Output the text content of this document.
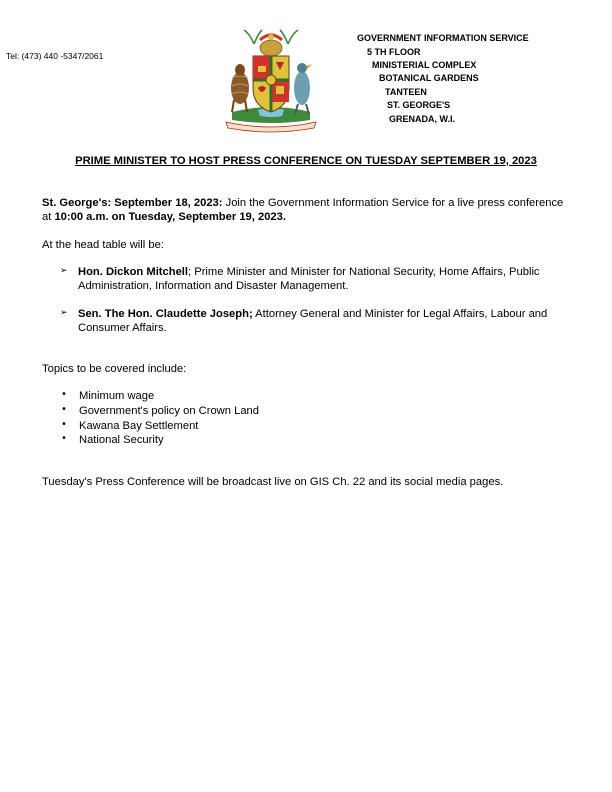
Tel: (473) 440 -5347/2061
GOVERNMENT INFORMATION SERVICE
5 TH FLOOR
MINISTERIAL COMPLEX
BOTANICAL GARDENS
TANTEEN
ST. GEORGE'S
GRENADA, W.I.
PRIME MINISTER TO HOST PRESS CONFERENCE ON TUESDAY SEPTEMBER 19, 2023
St. George's: September 18, 2023: Join the Government Information Service for a live press conference at 10:00 a.m. on Tuesday, September 19, 2023.
At the head table will be:
➢ Hon. Dickon Mitchell; Prime Minister and Minister for National Security, Home Affairs, Public Administration, Information and Disaster Management.
➢ Sen. The Hon. Claudette Joseph; Attorney General and Minister for Legal Affairs, Labour and Consumer Affairs.
Topics to be covered include:
• Minimum wage
• Government's policy on Crown Land
• Kawana Bay Settlement
• National Security
Tuesday's Press Conference will be broadcast live on GIS Ch. 22 and its social media pages.
